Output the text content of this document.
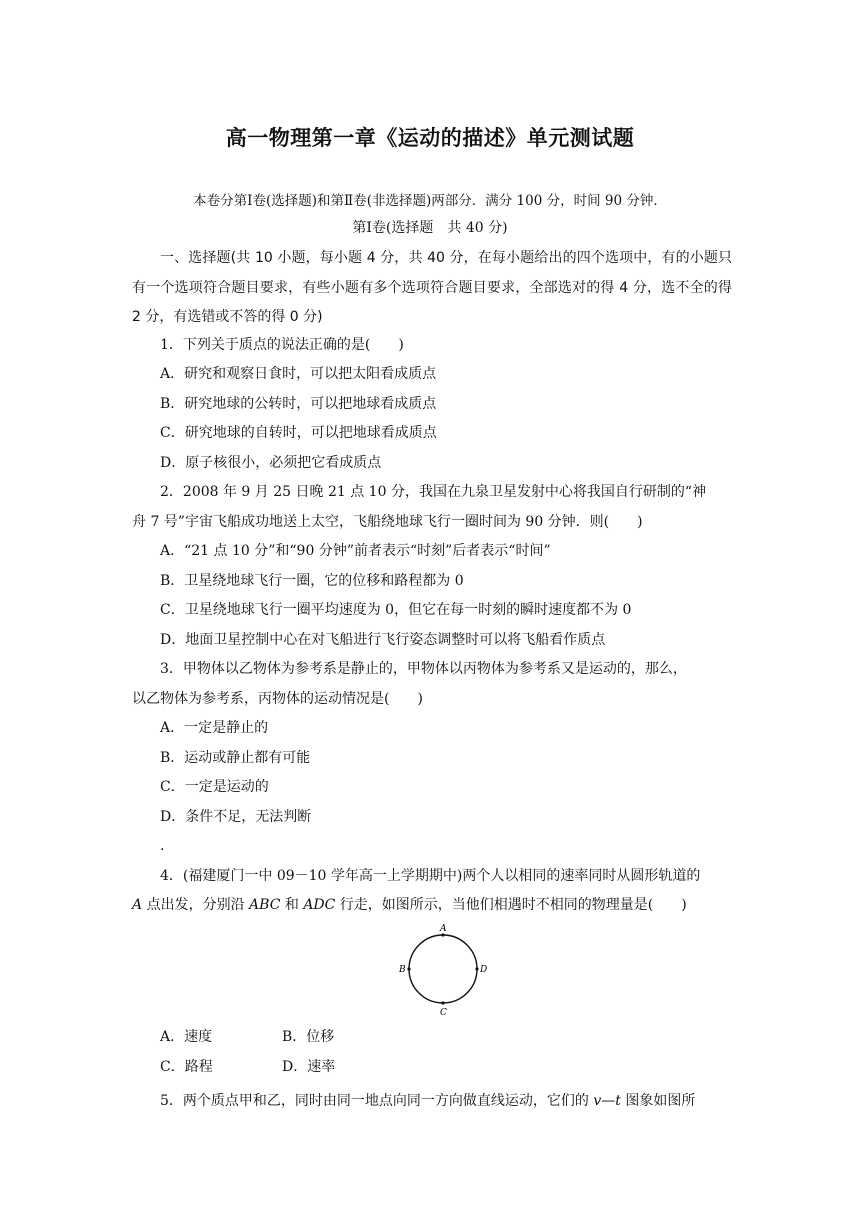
高一物理第一章《运动的描述》单元测试题
本卷分第Ⅰ卷(选择题)和第Ⅱ卷(非选择题)两部分．满分 100 分，时间 90 分钟．
第Ⅰ卷(选择题　共 40 分)
一、选择题(共 10 小题，每小题 4 分，共 40 分，在每小题给出的四个选项中，有的小题只有一个选项符合题目要求，有些小题有多个选项符合题目要求，全部选对的得 4 分，选不全的得 2 分，有选错或不答的得 0 分)
1．下列关于质点的说法正确的是(　　)
A．研究和观察日食时，可以把太阳看成质点
B．研究地球的公转时，可以把地球看成质点
C．研究地球的自转时，可以把地球看成质点
D．原子核很小，必须把它看成质点
2．2008 年 9 月 25 日晚 21 点 10 分，我国在九泉卫星发射中心将我国自行研制的“神
舟 7 号”宇宙飞船成功地送上太空，飞船绕地球飞行一圈时间为 90 分钟．则(　　)
A．“21 点 10 分”和“90 分钟”前者表示“时刻”后者表示“时间”
B．卫星绕地球飞行一圈，它的位移和路程都为 0
C．卫星绕地球飞行一圈平均速度为 0，但它在每一时刻的瞬时速度都不为 0
D．地面卫星控制中心在对飞船进行飞行姿态调整时可以将飞船看作质点
3．甲物体以乙物体为参考系是静止的，甲物体以丙物体为参考系又是运动的，那么，
以乙物体为参考系，丙物体的运动情况是(　　)
A．一定是静止的
B．运动或静止都有可能
C．一定是运动的
D．条件不足，无法判断
.
4．(福建厦门一中 09－10 学年高一上学期期中)两个人以相同的速率同时从圆形轨道的
A 点出发，分别沿 ABC 和 ADC 行走，如图所示，当他们相遇时不相同的物理量是(　　)
A
B
C
D
A．速度	B．位移
C．路程	D．速率
5．两个质点甲和乙，同时由同一地点向同一方向做直线运动，它们的 v—t 图象如图所
